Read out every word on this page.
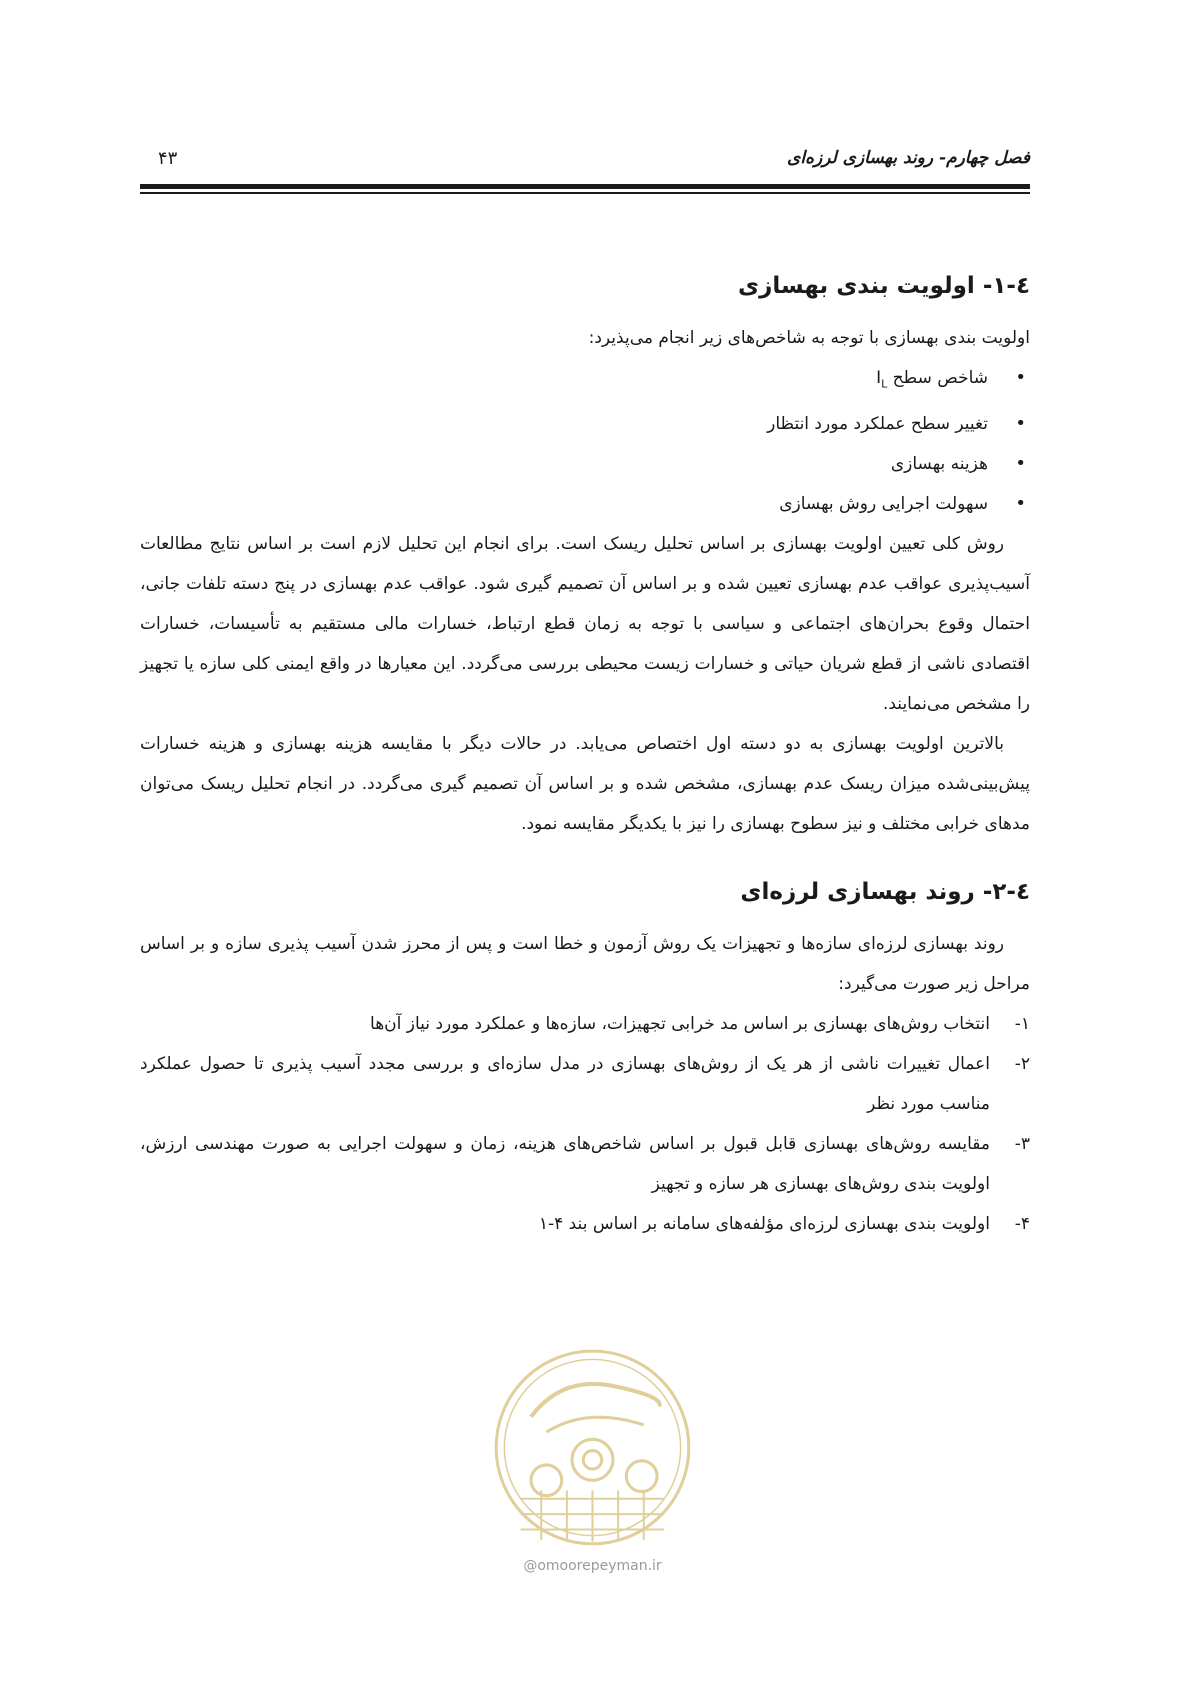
فصل چهارم- روند بهسازی لرزه‌ای
۴۳
٤-١- اولویت بندی بهسازی

اولویت بندی بهسازی با توجه به شاخص‌های زیر انجام می‌پذیرد:

• شاخص سطح $I_L$
• تغییر سطح عملکرد مورد انتظار
• هزینه بهسازی
• سهولت اجرایی روش بهسازی

روش کلی تعیین اولویت بهسازی بر اساس تحلیل ریسک است. برای انجام این تحلیل لازم است بر اساس نتایج مطالعات آسیب‌پذیری عواقب عدم بهسازی تعیین شده و بر اساس آن تصمیم گیری شود. عواقب عدم بهسازی در پنج دسته تلفات جانی، احتمال وقوع بحران‌های اجتماعی و سیاسی با توجه به زمان قطع ارتباط، خسارات مالی مستقیم به تأسیسات، خسارات اقتصادی ناشی از قطع شریان حیاتی و خسارات زیست محیطی بررسی می‌گردد. این معیارها در واقع ایمنی کلی سازه یا تجهیز را مشخص می‌نمایند.

بالاترین اولویت بهسازی به دو دسته اول اختصاص می‌یابد. در حالات دیگر با مقایسه هزینه بهسازی و هزینه خسارات پیش‌بینی‌شده میزان ریسک عدم بهسازی، مشخص شده و بر اساس آن تصمیم گیری می‌گردد. در انجام تحلیل ریسک می‌توان مدهای خرابی مختلف و نیز سطوح بهسازی را نیز با یکدیگر مقایسه نمود.

٤-٢- روند بهسازی لرزه‌ای

روند بهسازی لرزه‌ای سازه‌ها و تجهیزات یک روش آزمون و خطا است و پس از محرز شدن آسیب پذیری سازه و بر اساس مراحل زیر صورت می‌گیرد:

١-
انتخاب روش‌های بهسازی بر اساس مد خرابی تجهیزات، سازه‌ها و عملکرد مورد نیاز آن‌ها
٢-
اعمال تغییرات ناشی از هر یک از روش‌های بهسازی در مدل سازه‌ای و بررسی مجدد آسیب پذیری تا حصول عملکرد مناسب مورد نظر
٣-
مقایسه روش‌های بهسازی قابل قبول بر اساس شاخص‌های هزینه، زمان و سهولت اجرایی به صورت مهندسی ارزش، اولویت بندی روش‌های بهسازی هر سازه و تجهیز
۴-
اولویت بندی بهسازی لرزه‌ای مؤلفه‌های سامانه بر اساس بند ۴-١
@omoorepeyman.ir
